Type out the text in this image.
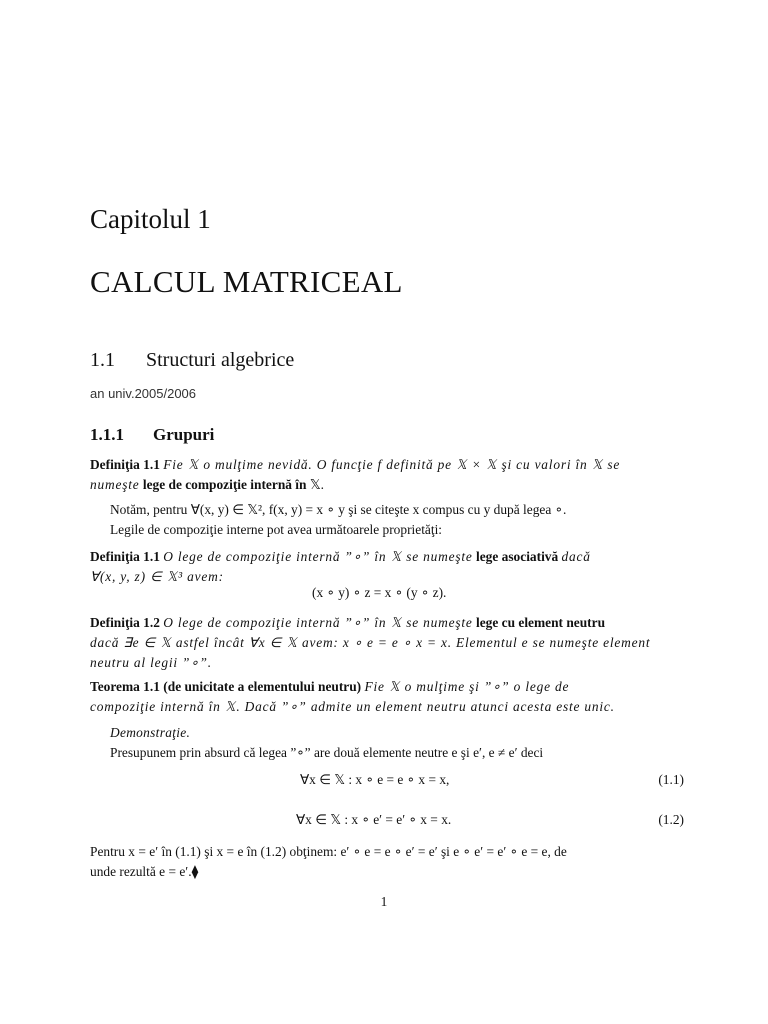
Capitolul 1
CALCUL MATRICEAL
1.1 Structuri algebrice
an univ.2005/2006
1.1.1 Grupuri
Definiţia 1.1 Fie 𝕏 o mulţime nevidă. O funcţie f definită pe 𝕏 × 𝕏 şi cu valori în 𝕏 se
numeşte lege de compoziţie internă în 𝕏.
Notăm, pentru ∀(x, y) ∈ 𝕏², f(x, y) = x ∘ y şi se citeşte x compus cu y după legea ∘.
Legile de compoziţie interne pot avea următoarele proprietăţi:
Definiţia 1.1 O lege de compoziţie internă ”∘” în 𝕏 se numeşte lege asociativă dacă
∀(x, y, z) ∈ 𝕏³ avem:
(x ∘ y) ∘ z = x ∘ (y ∘ z).
Definiţia 1.2 O lege de compoziţie internă ”∘” în 𝕏 se numeşte lege cu element neutru
dacă ∃e ∈ 𝕏 astfel încât ∀x ∈ 𝕏 avem: x ∘ e = e ∘ x = x. Elementul e se numeşte element
neutru al legii ”∘”.
Teorema 1.1 (de unicitate a elementului neutru) Fie 𝕏 o mulţime şi ”∘” o lege de
compoziţie internă în 𝕏. Dacă ”∘” admite un element neutru atunci acesta este unic.
Demonstraţie.
Presupunem prin absurd că legea ”∘” are două elemente neutre e şi e′, e ≠ e′ deci
∀x ∈ 𝕏 : x ∘ e = e ∘ x = x,	(1.1)
∀x ∈ 𝕏 : x ∘ e′ = e′ ∘ x = x.	(1.2)
Pentru x = e′ în (1.1) şi x = e în (1.2) obţinem: e′ ∘ e = e ∘ e′ = e′ şi e ∘ e′ = e′ ∘ e = e, de
unde rezultă e = e′.⧫
1
